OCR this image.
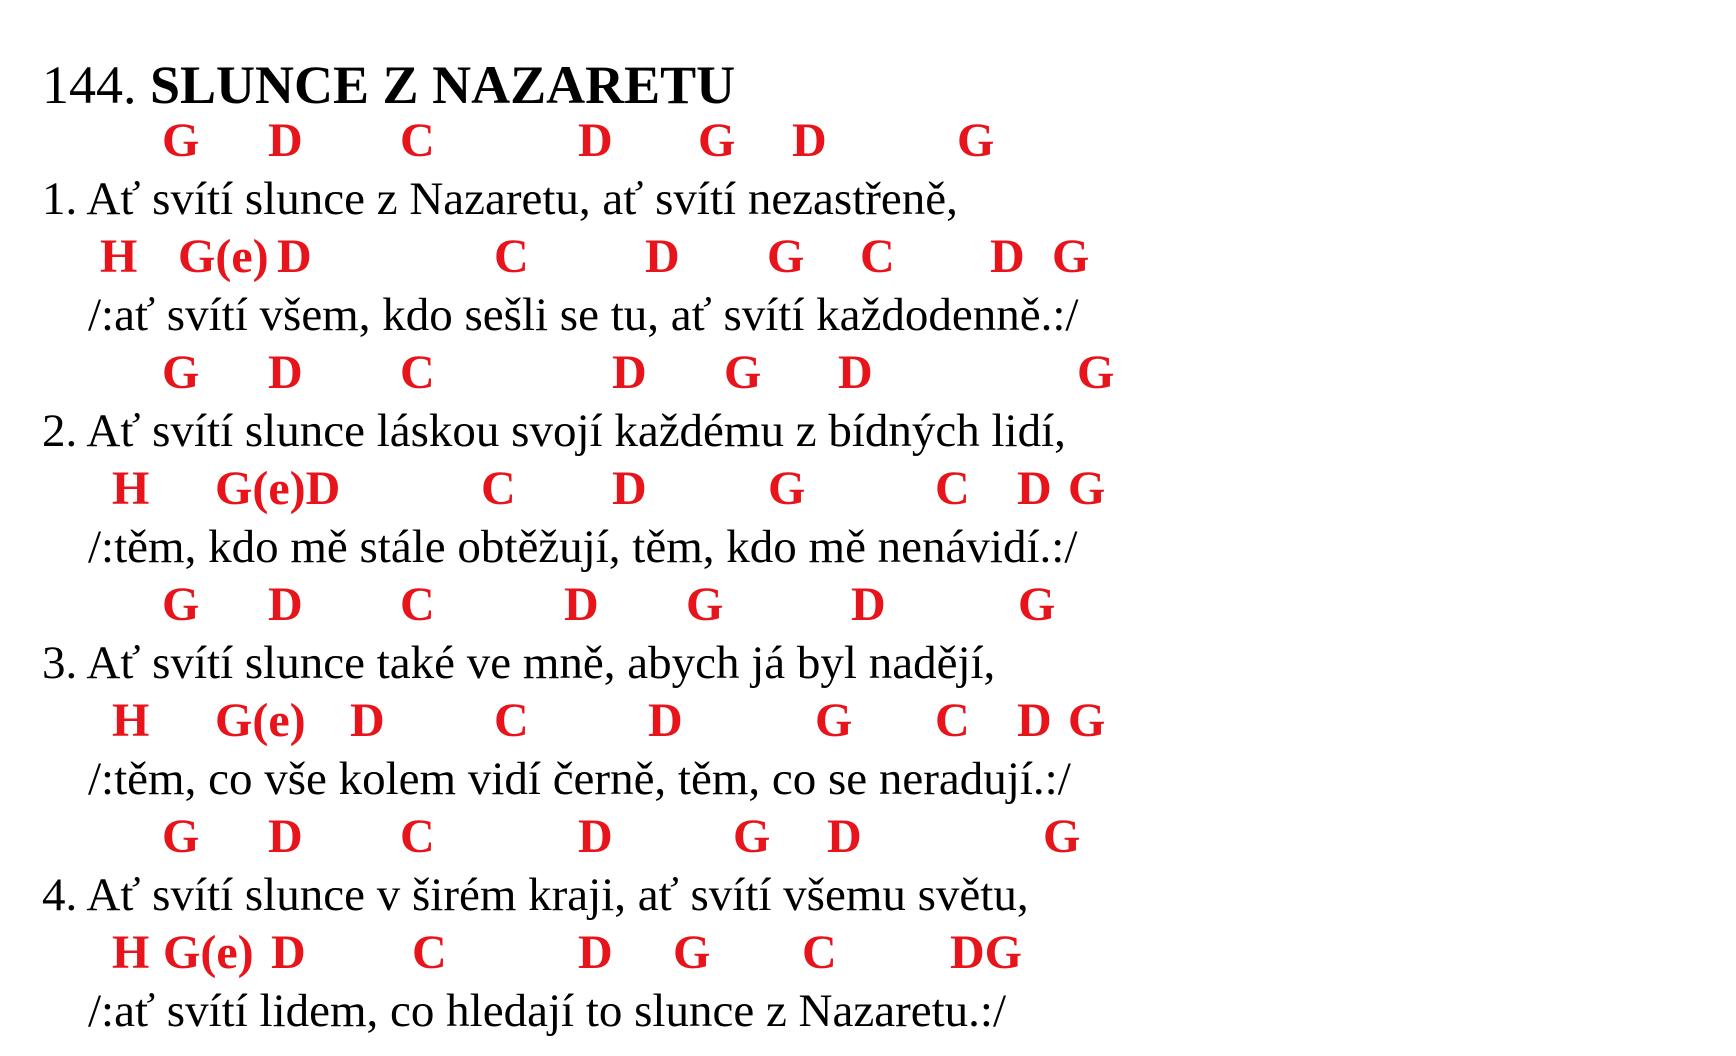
144. SLUNCE Z NAZARETU
G D C	D G D	G
1. Ať svítí slunce z Nazaretu, ať svítí nezastřeně,
H G(e) D	C D G C D G
/:ať svítí všem, kdo sešli se tu, ať svítí každodenně.:/
G D C	D G D	G
2. Ať svítí slunce láskou svojí každému z bídných lidí,
H G(e)D	C D	G	C D G
/:těm, kdo mě stále obtěžují, těm, kdo mě nenávidí.:/
G D C	D G	D	G
3. Ať svítí slunce také ve mně, abych já byl nadějí,
H G(e) D C D	G C D G
/:těm, co vše kolem vidí černě, těm, co se neradují.:/
G D C	D	G D	G
4. Ať svítí slunce v širém kraji, ať svítí všemu světu,
H G(e) D C	D G C DG
/:ať svítí lidem, co hledají to slunce z Nazaretu.:/
